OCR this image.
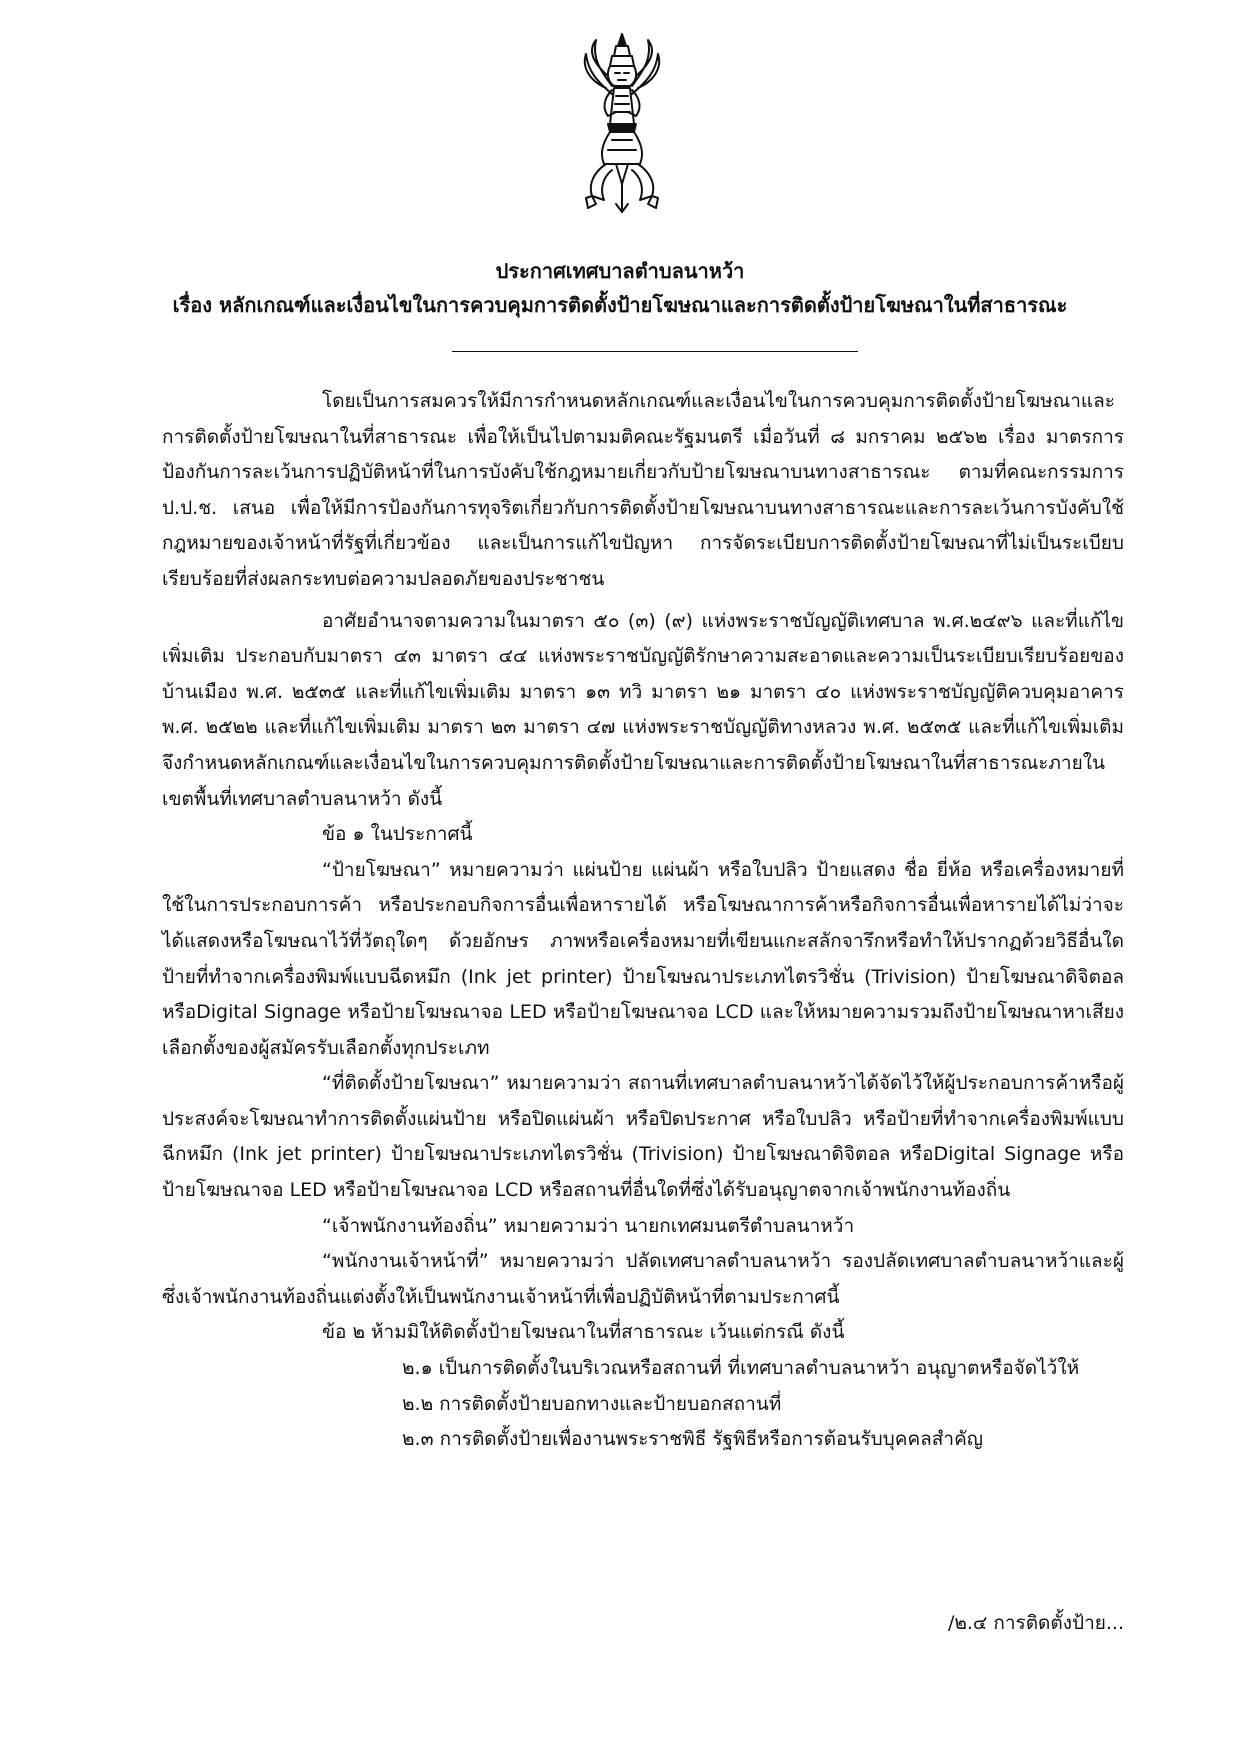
ประกาศเทศบาลตำบลนาหว้า
เรื่อง หลักเกณฑ์และเงื่อนไขในการควบคุมการติดตั้งป้ายโฆษณาและการติดตั้งป้ายโฆษณาในที่สาธารณะ

โดยเป็นการสมควรให้มีการกำหนดหลักเกณฑ์และเงื่อนไขในการควบคุมการติดตั้งป้ายโฆษณาและการติดตั้งป้ายโฆษณาในที่สาธารณะ เพื่อให้เป็นไปตามมติคณะรัฐมนตรี เมื่อวันที่ ๘ มกราคม ๒๕๖๒ เรื่อง มาตรการป้องกันการละเว้นการปฏิบัติหน้าที่ในการบังคับใช้กฎหมายเกี่ยวกับป้ายโฆษณาบนทางสาธารณะ ตามที่คณะกรรมการ ป.ป.ช. เสนอ เพื่อให้มีการป้องกันการทุจริตเกี่ยวกับการติดตั้งป้ายโฆษณาบนทางสาธารณะและการละเว้นการบังคับใช้กฎหมายของเจ้าหน้าที่รัฐที่เกี่ยวข้อง และเป็นการแก้ไขปัญหา การจัดระเบียบการติดตั้งป้ายโฆษณาที่ไม่เป็นระเบียบเรียบร้อยที่ส่งผลกระทบต่อความปลอดภัยของประชาชน

อาศัยอำนาจตามความในมาตรา ๕๐ (๓) (๙) แห่งพระราชบัญญัติเทศบาล พ.ศ.๒๔๙๖ และที่แก้ไขเพิ่มเติม ประกอบกับมาตรา ๔๓ มาตรา ๔๔ แห่งพระราชบัญญัติรักษาความสะอาดและความเป็นระเบียบเรียบร้อยของบ้านเมือง พ.ศ. ๒๕๓๕ และที่แก้ไขเพิ่มเติม มาตรา ๑๓ ทวิ มาตรา ๒๑ มาตรา ๔๐ แห่งพระราชบัญญัติควบคุมอาคาร พ.ศ. ๒๕๒๒ และที่แก้ไขเพิ่มเติม มาตรา ๒๓ มาตรา ๔๗ แห่งพระราชบัญญัติทางหลวง พ.ศ. ๒๕๓๕ และที่แก้ไขเพิ่มเติม จึงกำหนดหลักเกณฑ์และเงื่อนไขในการควบคุมการติดตั้งป้ายโฆษณาและการติดตั้งป้ายโฆษณาในที่สาธารณะภายในเขตพื้นที่เทศบาลตำบลนาหว้า ดังนี้

ข้อ ๑ ในประกาศนี้

“ป้ายโฆษณา” หมายความว่า แผ่นป้าย แผ่นผ้า หรือใบปลิว ป้ายแสดง ชื่อ ยี่ห้อ หรือเครื่องหมายที่ใช้ในการประกอบการค้า หรือประกอบกิจการอื่นเพื่อหารายได้ หรือโฆษณาการค้าหรือกิจการอื่นเพื่อหารายได้ไม่ว่าจะได้แสดงหรือโฆษณาไว้ที่วัตถุใดๆ ด้วยอักษร ภาพหรือเครื่องหมายที่เขียนแกะสลักจารึกหรือทำให้ปรากฏด้วยวิธีอื่นใด ป้ายที่ทำจากเครื่องพิมพ์แบบฉีดหมึก (Ink jet printer) ป้ายโฆษณาประเภทไตรวิชั่น (Trivision) ป้ายโฆษณาดิจิตอล หรือDigital Signage หรือป้ายโฆษณาจอ LED หรือป้ายโฆษณาจอ LCD และให้หมายความรวมถึงป้ายโฆษณาหาเสียงเลือกตั้งของผู้สมัครรับเลือกตั้งทุกประเภท

“ที่ติดตั้งป้ายโฆษณา” หมายความว่า สถานที่เทศบาลตำบลนาหว้าได้จัดไว้ให้ผู้ประกอบการค้าหรือผู้ประสงค์จะโฆษณาทำการติดตั้งแผ่นป้าย หรือปิดแผ่นผ้า หรือปิดประกาศ หรือใบปลิว หรือป้ายที่ทำจากเครื่องพิมพ์แบบฉีกหมึก (Ink jet printer) ป้ายโฆษณาประเภทไตรวิชั่น (Trivision) ป้ายโฆษณาดิจิตอล หรือDigital Signage หรือป้ายโฆษณาจอ LED หรือป้ายโฆษณาจอ LCD หรือสถานที่อื่นใดที่ซึ่งได้รับอนุญาตจากเจ้าพนักงานท้องถิ่น

“เจ้าพนักงานท้องถิ่น” หมายความว่า นายกเทศมนตรีตำบลนาหว้า

“พนักงานเจ้าหน้าที่” หมายความว่า ปลัดเทศบาลตำบลนาหว้า รองปลัดเทศบาลตำบลนาหว้าและผู้ซึ่งเจ้าพนักงานท้องถิ่นแต่งตั้งให้เป็นพนักงานเจ้าหน้าที่เพื่อปฏิบัติหน้าที่ตามประกาศนี้

ข้อ ๒ ห้ามมิให้ติดตั้งป้ายโฆษณาในที่สาธารณะ เว้นแต่กรณี ดังนี้

๒.๑ เป็นการติดตั้งในบริเวณหรือสถานที่ ที่เทศบาลตำบลนาหว้า อนุญาตหรือจัดไว้ให้

๒.๒ การติดตั้งป้ายบอกทางและป้ายบอกสถานที่

๒.๓ การติดตั้งป้ายเพื่องานพระราชพิธี รัฐพิธีหรือการต้อนรับบุคคลสำคัญ

/๒.๔ การติดตั้งป้าย...
